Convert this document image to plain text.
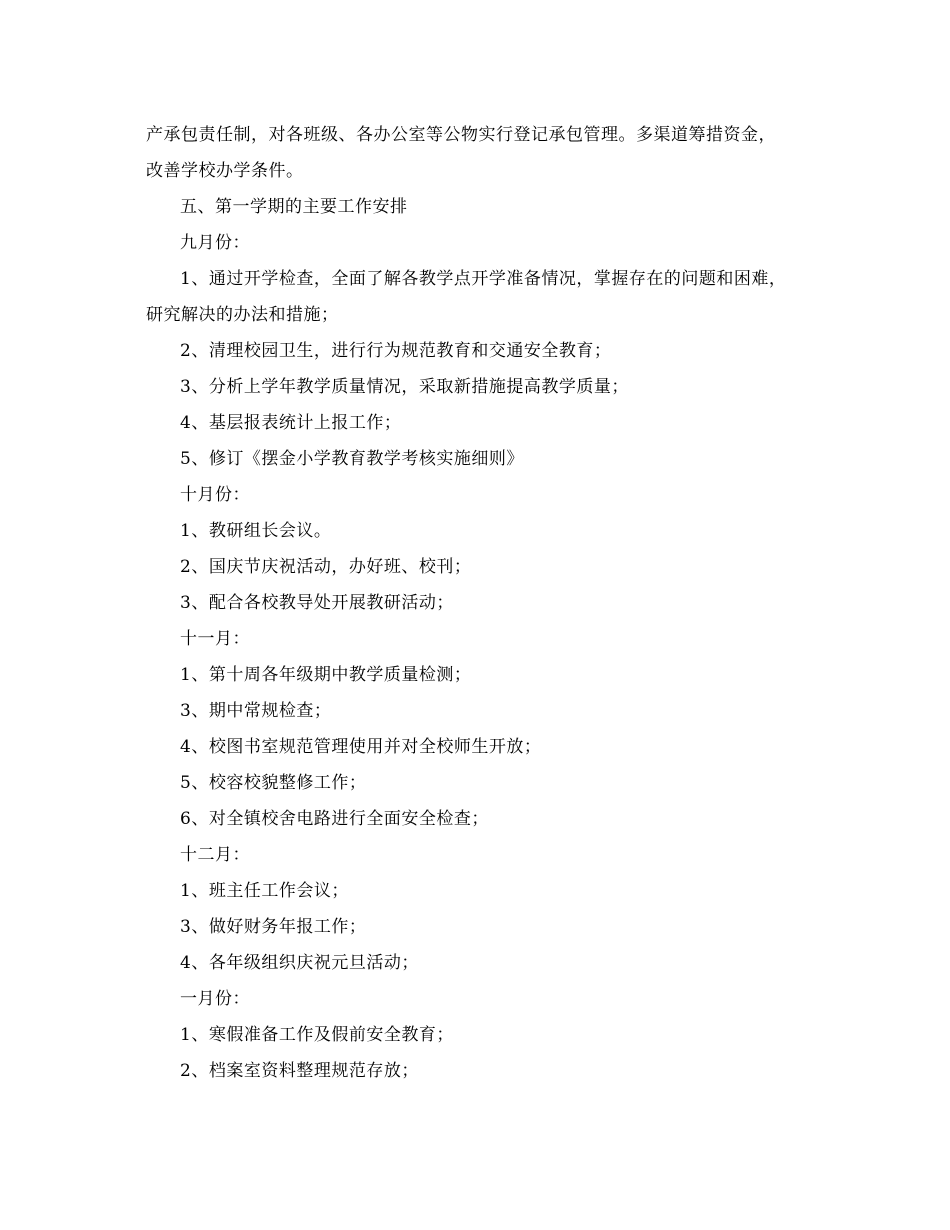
产承包责任制，对各班级、各办公室等公物实行登记承包管理。多渠道筹措资金，
改善学校办学条件。
五、第一学期的主要工作安排
九月份：
1、通过开学检查，全面了解各教学点开学准备情况，掌握存在的问题和困难，
研究解决的办法和措施；
2、清理校园卫生，进行行为规范教育和交通安全教育；
3、分析上学年教学质量情况，采取新措施提高教学质量；
4、基层报表统计上报工作；
5、修订《摆金小学教育教学考核实施细则》
十月份：
1、教研组长会议。
2、国庆节庆祝活动，办好班、校刊；
3、配合各校教导处开展教研活动；
十一月：
1、第十周各年级期中教学质量检测；
3、期中常规检查；
4、校图书室规范管理使用并对全校师生开放；
5、校容校貌整修工作；
6、对全镇校舍电路进行全面安全检查；
十二月：
1、班主任工作会议；
3、做好财务年报工作；
4、各年级组织庆祝元旦活动；
一月份：
1、寒假准备工作及假前安全教育；
2、档案室资料整理规范存放；
